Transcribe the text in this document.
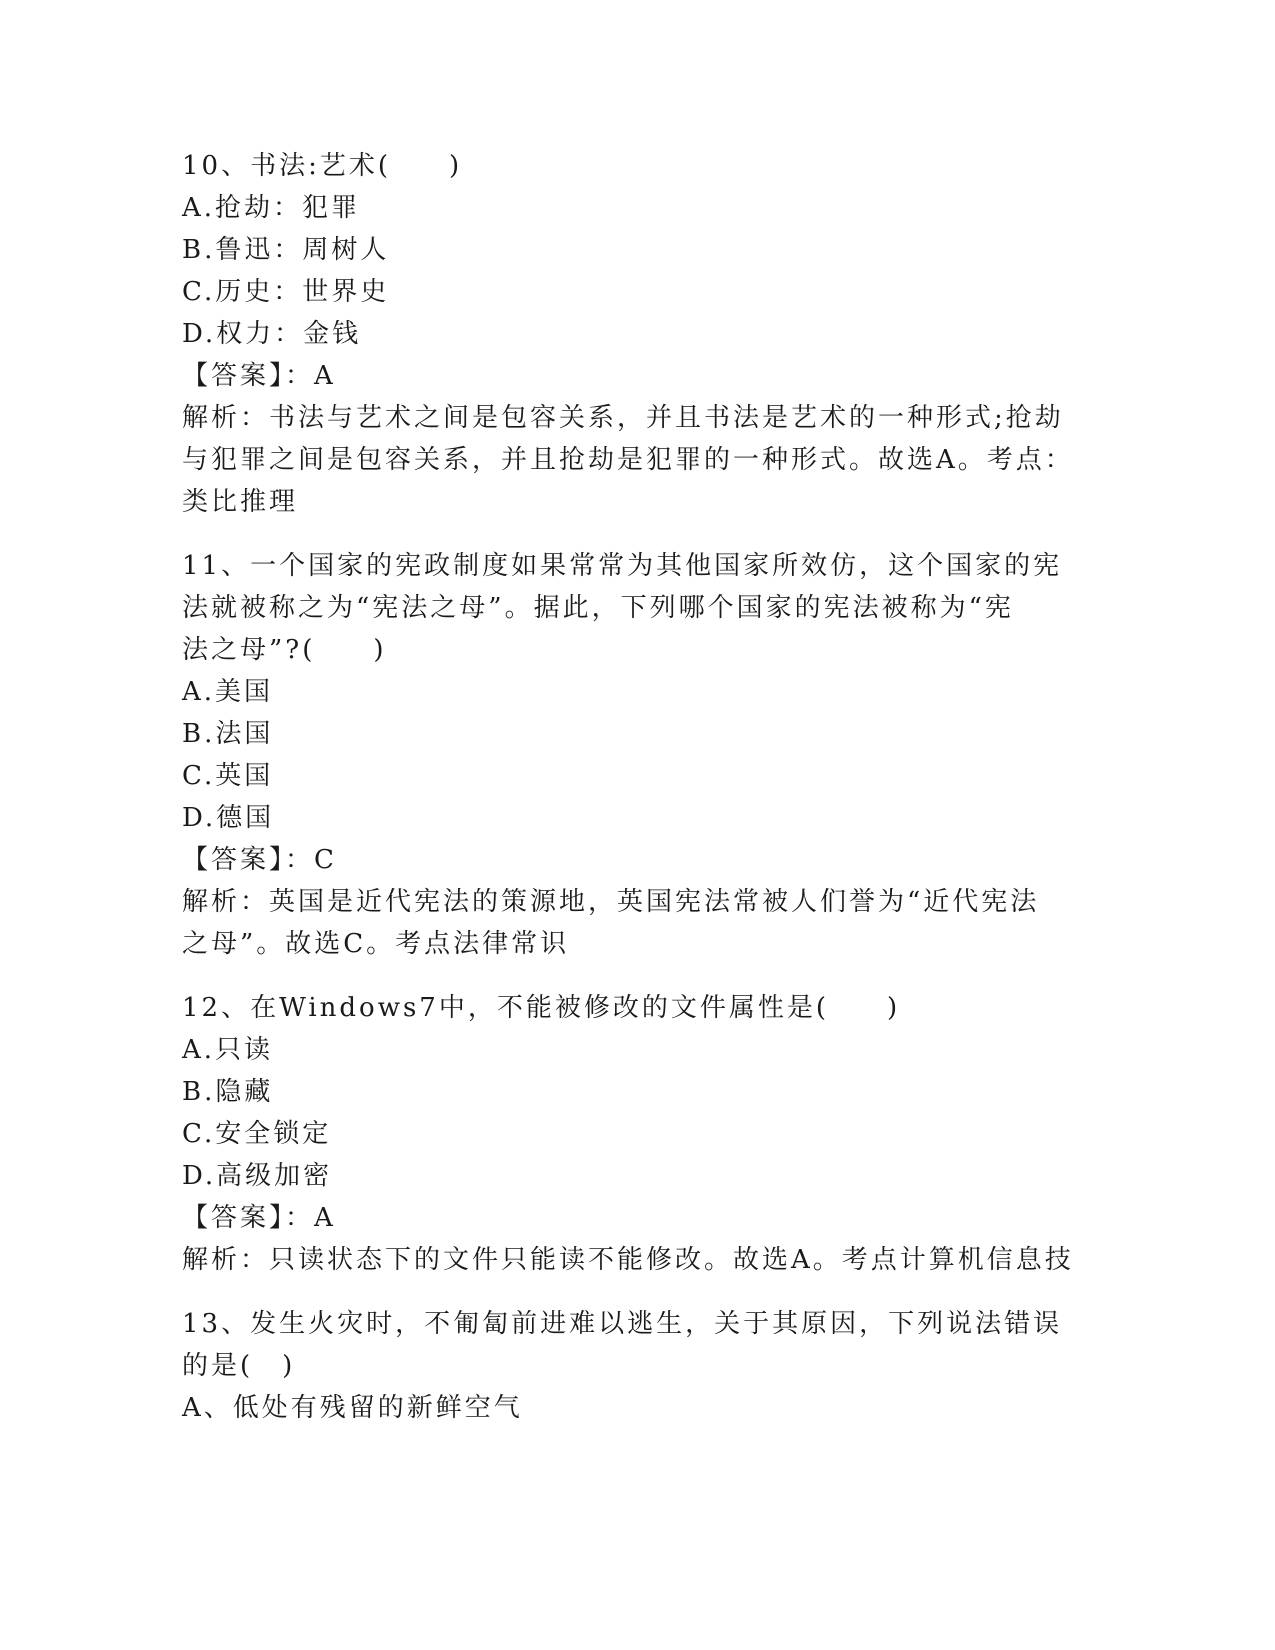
10、书法:艺术(　　)
A.抢劫：犯罪
B.鲁迅：周树人
C.历史：世界史
D.权力：金钱
【答案】：A
解析：书法与艺术之间是包容关系，并且书法是艺术的一种形式;抢劫
与犯罪之间是包容关系，并且抢劫是犯罪的一种形式。故选A。考点：
类比推理
11、一个国家的宪政制度如果常常为其他国家所效仿，这个国家的宪
法就被称之为“宪法之母”。据此，下列哪个国家的宪法被称为“宪
法之母”?(　　)
A.美国
B.法国
C.英国
D.德国
【答案】：C
解析：英国是近代宪法的策源地，英国宪法常被人们誉为“近代宪法
之母”。故选C。考点法律常识
12、在Windows7中，不能被修改的文件属性是(　　)
A.只读
B.隐藏
C.安全锁定
D.高级加密
【答案】：A
解析：只读状态下的文件只能读不能修改。故选A。考点计算机信息技
13、发生火灾时，不匍匐前进难以逃生，关于其原因，下列说法错误
的是(　)
A、低处有残留的新鲜空气
